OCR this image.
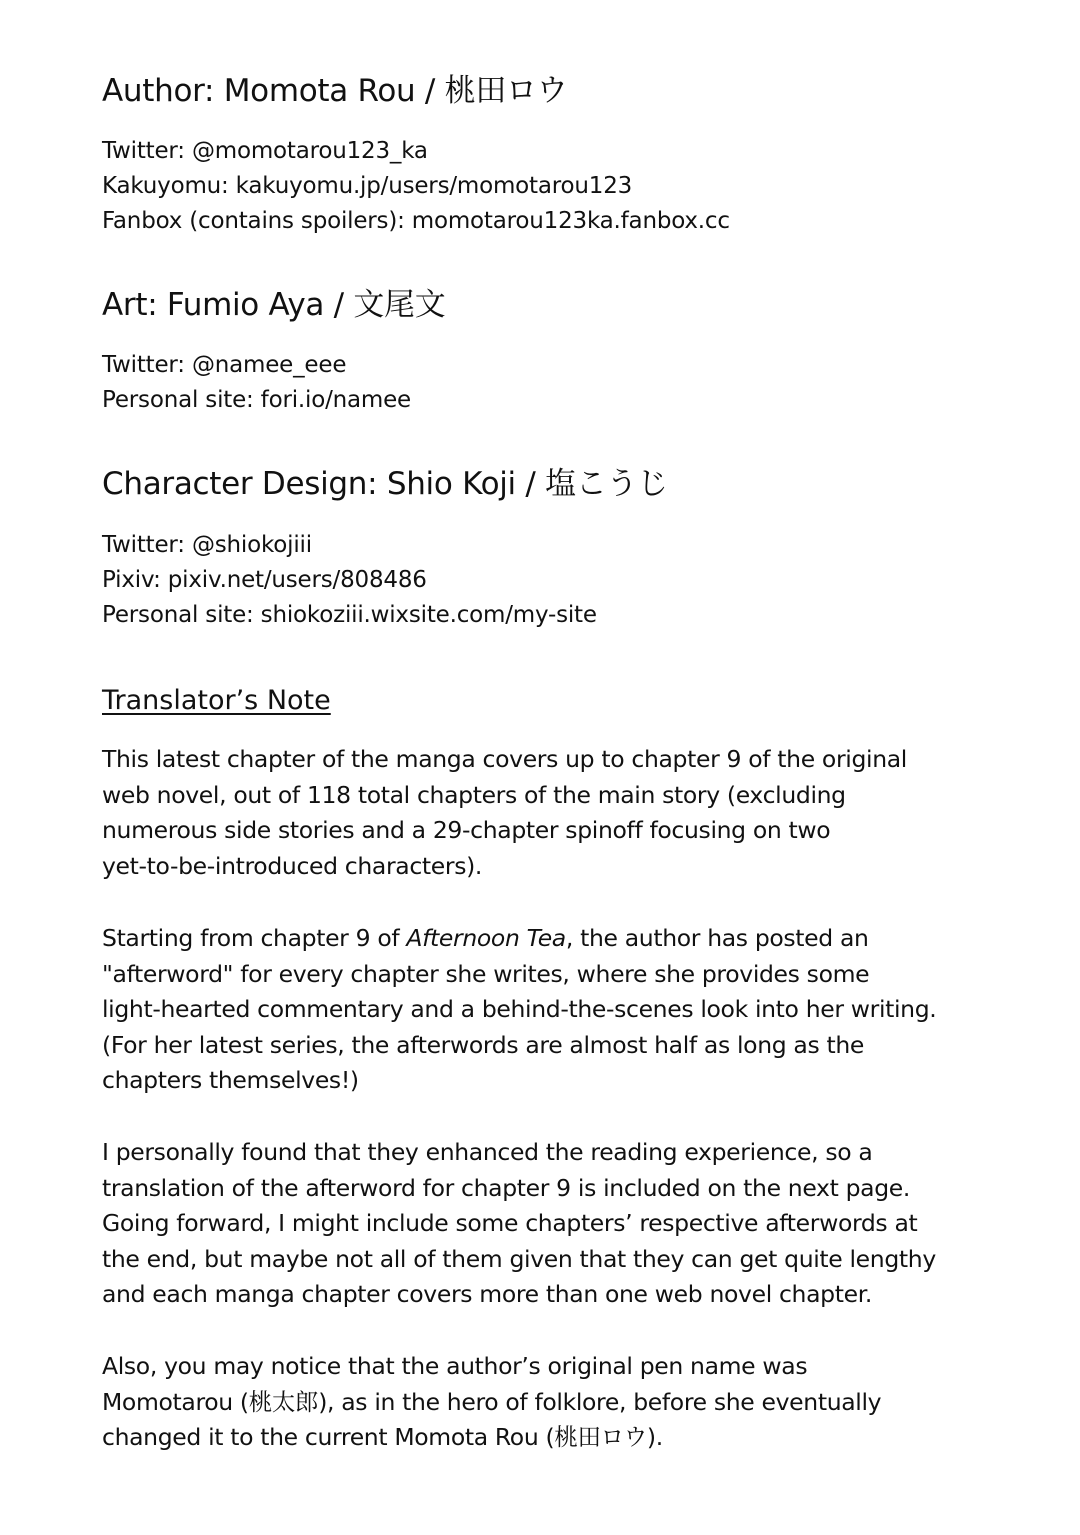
Author: Momota Rou / 桃田ロウ
Twitter: @momotarou123_ka
Kakuyomu: kakuyomu.jp/users/momotarou123
Fanbox (contains spoilers): momotarou123ka.fanbox.cc
Art: Fumio Aya / 文尾文
Twitter: @namee_eee
Personal site: fori.io/namee
Character Design: Shio Koji / 塩こうじ
Twitter: @shiokojiii
Pixiv: pixiv.net/users/808486
Personal site: shiokoziii.wixsite.com/my-site
Translator’s Note
This latest chapter of the manga covers up to chapter 9 of the original
web novel, out of 118 total chapters of the main story (excluding
numerous side stories and a 29-chapter spinoff focusing on two
yet-to-be-introduced characters).
Starting from chapter 9 of Afternoon Tea, the author has posted an
"afterword" for every chapter she writes, where she provides some
light-hearted commentary and a behind-the-scenes look into her writing.
(For her latest series, the afterwords are almost half as long as the
chapters themselves!)
I personally found that they enhanced the reading experience, so a
translation of the afterword for chapter 9 is included on the next page.
Going forward, I might include some chapters’ respective afterwords at
the end, but maybe not all of them given that they can get quite lengthy
and each manga chapter covers more than one web novel chapter.
Also, you may notice that the author’s original pen name was
Momotarou (桃太郎), as in the hero of folklore, before she eventually
changed it to the current Momota Rou (桃田ロウ).
